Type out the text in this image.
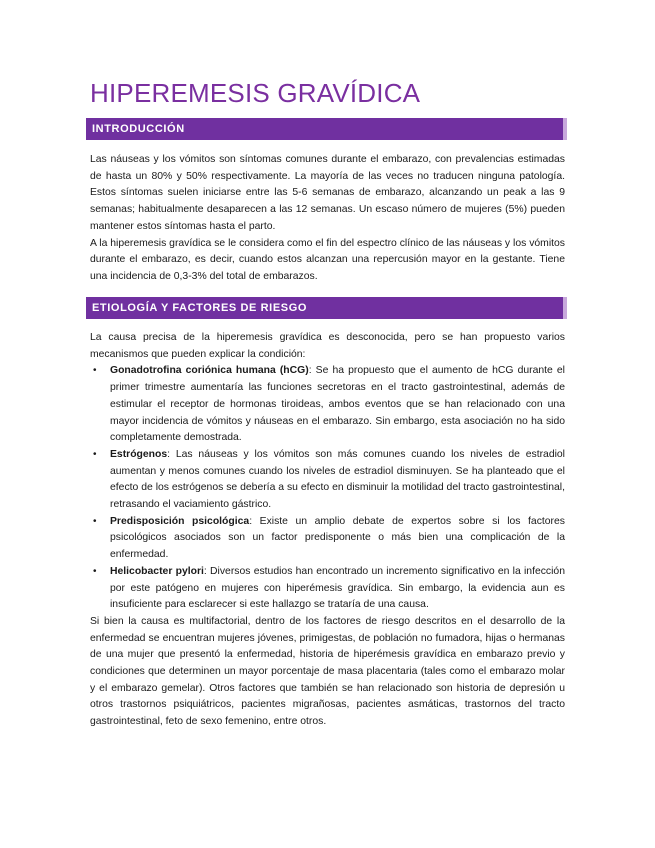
HIPEREMESIS GRAVÍDICA
INTRODUCCIÓN

Las náuseas y los vómitos son síntomas comunes durante el embarazo, con prevalencias estimadas de hasta un 80% y 50% respectivamente. La mayoría de las veces no traducen ninguna patología. Estos síntomas suelen iniciarse entre las 5-6 semanas de embarazo, alcanzando un peak a las 9 semanas; habitualmente desaparecen a las 12 semanas. Un escaso número de mujeres (5%) pueden mantener estos síntomas hasta el parto.

A la hiperemesis gravídica se le considera como el fin del espectro clínico de las náuseas y los vómitos durante el embarazo, es decir, cuando estos alcanzan una repercusión mayor en la gestante. Tiene una incidencia de 0,3-3% del total de embarazos.

ETIOLOGÍA Y FACTORES DE RIESGO

La causa precisa de la hiperemesis gravídica es desconocida, pero se han propuesto varios mecanismos que pueden explicar la condición:

• Gonadotrofina coriónica humana (hCG): Se ha propuesto que el aumento de hCG durante el primer trimestre aumentaría las funciones secretoras en el tracto gastrointestinal, además de estimular el receptor de hormonas tiroideas, ambos eventos que se han relacionado con una mayor incidencia de vómitos y náuseas en el embarazo. Sin embargo, esta asociación no ha sido completamente demostrada.
• Estrógenos: Las náuseas y los vómitos son más comunes cuando los niveles de estradiol aumentan y menos comunes cuando los niveles de estradiol disminuyen. Se ha planteado que el efecto de los estrógenos se debería a su efecto en disminuir la motilidad del tracto gastrointestinal, retrasando el vaciamiento gástrico.
• Predisposición psicológica: Existe un amplio debate de expertos sobre si los factores psicológicos asociados son un factor predisponente o más bien una complicación de la enfermedad.
• Helicobacter pylori: Diversos estudios han encontrado un incremento significativo en la infección por este patógeno en mujeres con hiperémesis gravídica. Sin embargo, la evidencia aun es insuficiente para esclarecer si este hallazgo se trataría de una causa.

Si bien la causa es multifactorial, dentro de los factores de riesgo descritos en el desarrollo de la enfermedad se encuentran mujeres jóvenes, primigestas, de población no fumadora, hijas o hermanas de una mujer que presentó la enfermedad, historia de hiperémesis gravídica en embarazo previo y condiciones que determinen un mayor porcentaje de masa placentaria (tales como el embarazo molar y el embarazo gemelar). Otros factores que también se han relacionado son historia de depresión u otros trastornos psiquiátricos, pacientes migrañosas, pacientes asmáticas, trastornos del tracto gastrointestinal, feto de sexo femenino, entre otros.
